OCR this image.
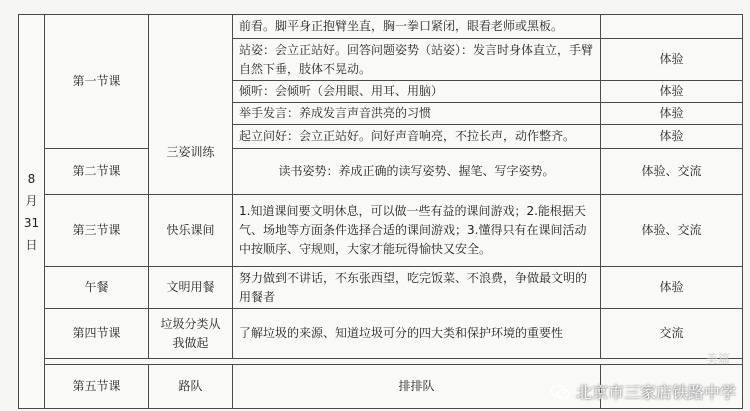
8
月
31
日	第一节课	三姿训练	前看。脚平身正抱臂坐直，胸一拳口紧闭，眼看老师或黑板。	
			站姿：会立正站好。回答问题姿势（站姿）：发言时身体直立，手臂自然下垂，肢体不晃动。	体验
			倾听：会倾听（会用眼、用耳、用脑）	体验
			举手发言：养成发言声音洪亮的习惯	体验
			起立问好：会立正站好。问好声音响亮，不拉长声，动作整齐。	体验
	第二节课		读书姿势：养成正确的读写姿势、握笔、写字姿势。	体验、交流
	第三节课	快乐课间	1.知道课间要文明休息，可以做一些有益的课间游戏；2.能根据天气、场地等方面条件选择合适的课间游戏；3.懂得只有在课间活动中按顺序、守规则，大家才能玩得愉快又安全。	体验、交流
	午餐	文明用餐	努力做到不讲话，不东张西望，吃完饭菜、不浪费，争做最文明的用餐者	体验
	第四节课	垃圾分类从我做起	了解垃圾的来源、知道垃圾可分的四大类和保护环境的重要性	交流

	第五节课	路队	排排队	
美篇
北京市三家店铁路中学
